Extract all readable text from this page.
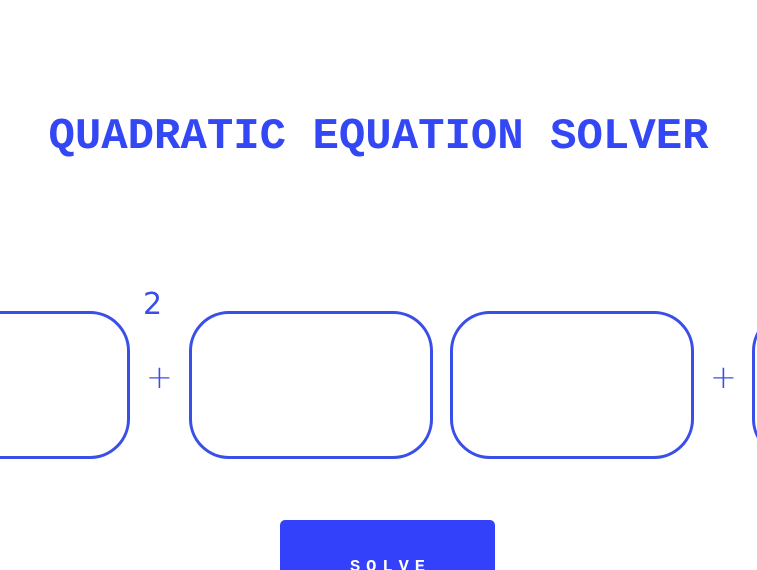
QUADRATIC EQUATION SOLVER
2
+	+
SOLVE
